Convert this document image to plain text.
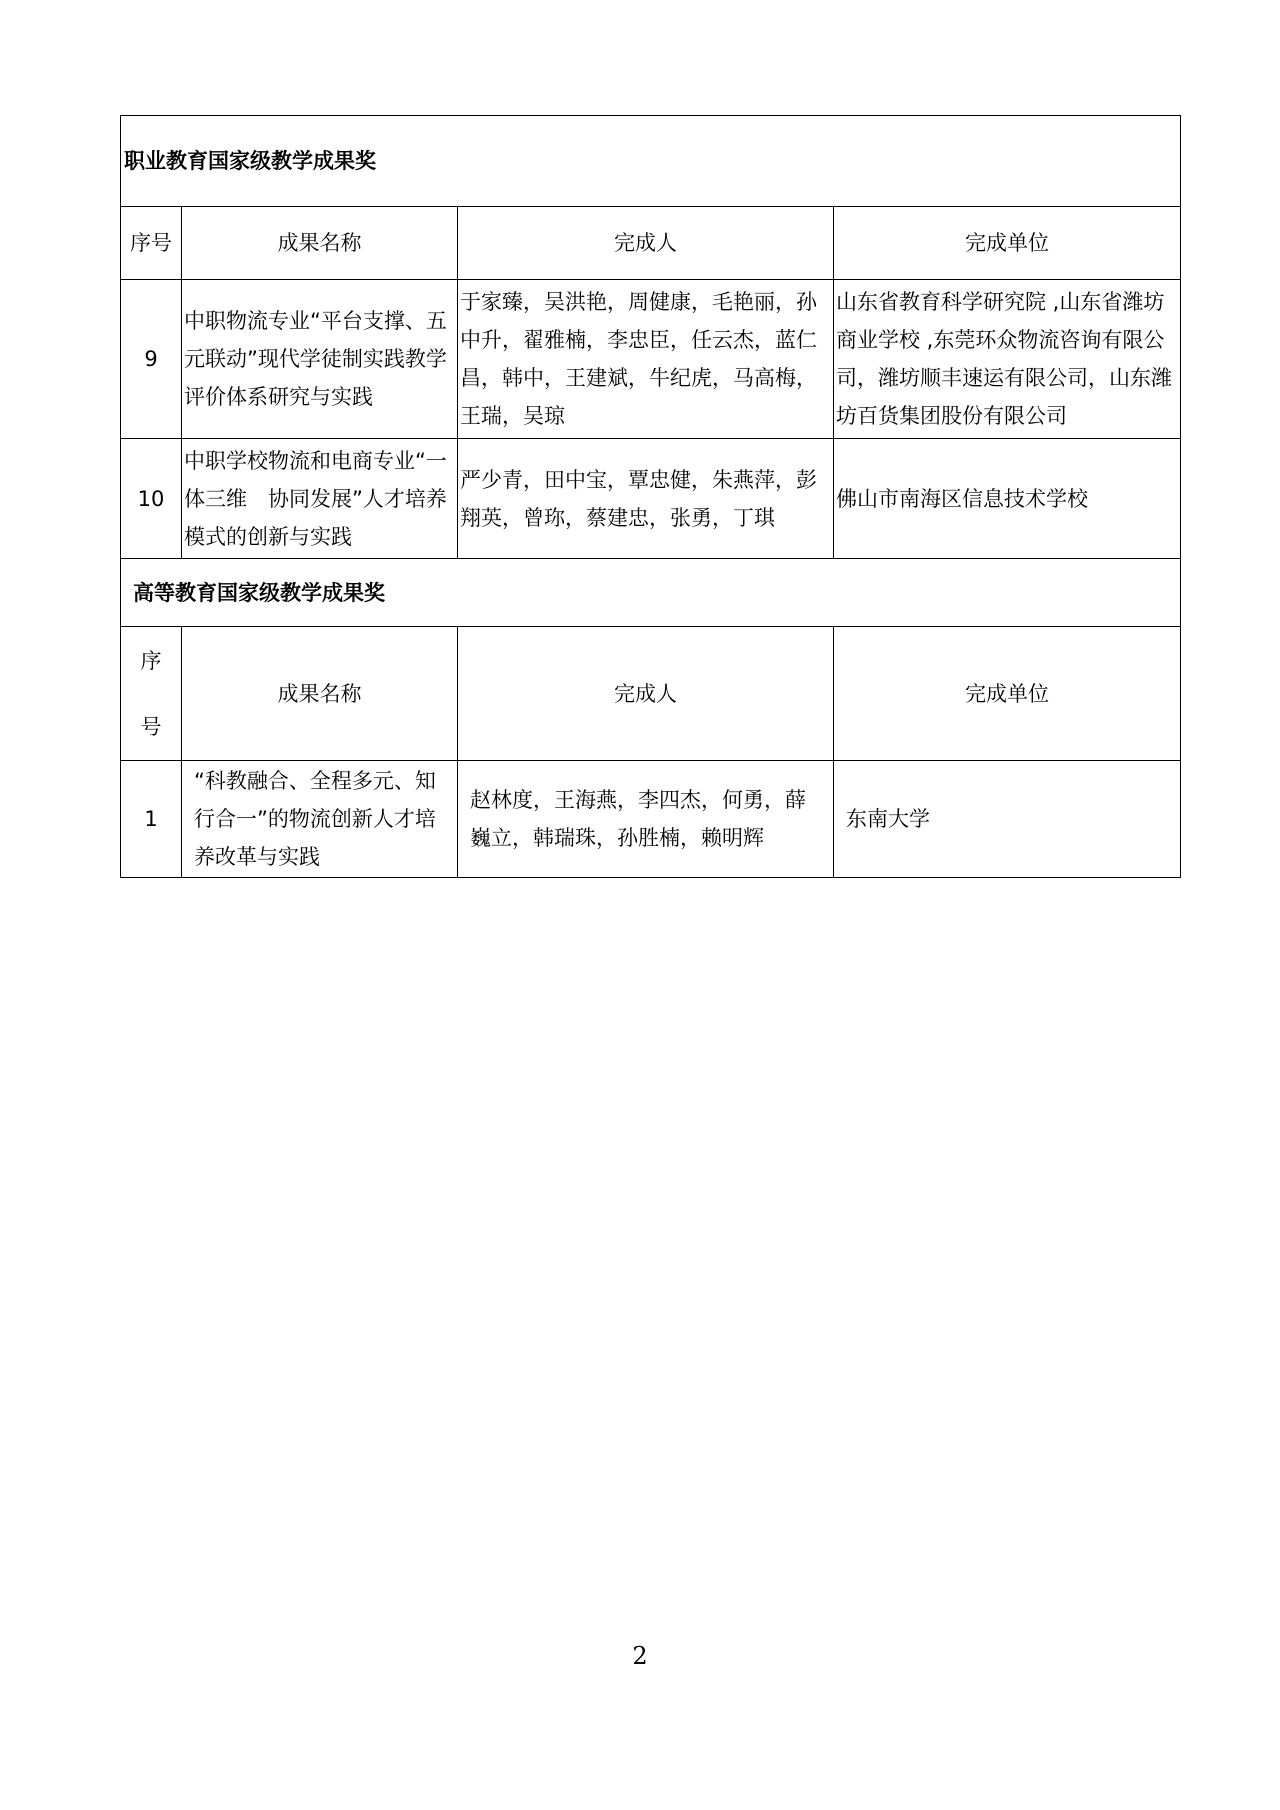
职业教育国家级教学成果奖			
序号	成果名称	完成人	完成单位
9	中职物流专业“平台支撑、五元联动”现代学徒制实践教学评价体系研究与实践	于家臻，吴洪艳，周健康，毛艳丽，孙中升，翟雅楠，李忠臣，任云杰，蓝仁昌，韩中，王建斌，牛纪虎，马高梅，王瑞，吴琼	山东省教育科学研究院 ,山东省潍坊商业学校 ,东莞环众物流咨询有限公司，潍坊顺丰速运有限公司，山东潍坊百货集团股份有限公司
10	中职学校物流和电商专业“一体三维　协同发展”人才培养模式的创新与实践	严少青，田中宝，覃忠健，朱燕萍，彭翔英，曾珎，蔡建忠，张勇，丁琪	佛山市南海区信息技术学校
高等教育国家级教学成果奖			

序
号	成果名称	完成人	完成单位
1	“科教融合、全程多元、知行合一”的物流创新人才培养改革与实践	赵林度，王海燕，李四杰，何勇，薛巍立，韩瑞珠，孙胜楠，赖明辉	东南大学
2
